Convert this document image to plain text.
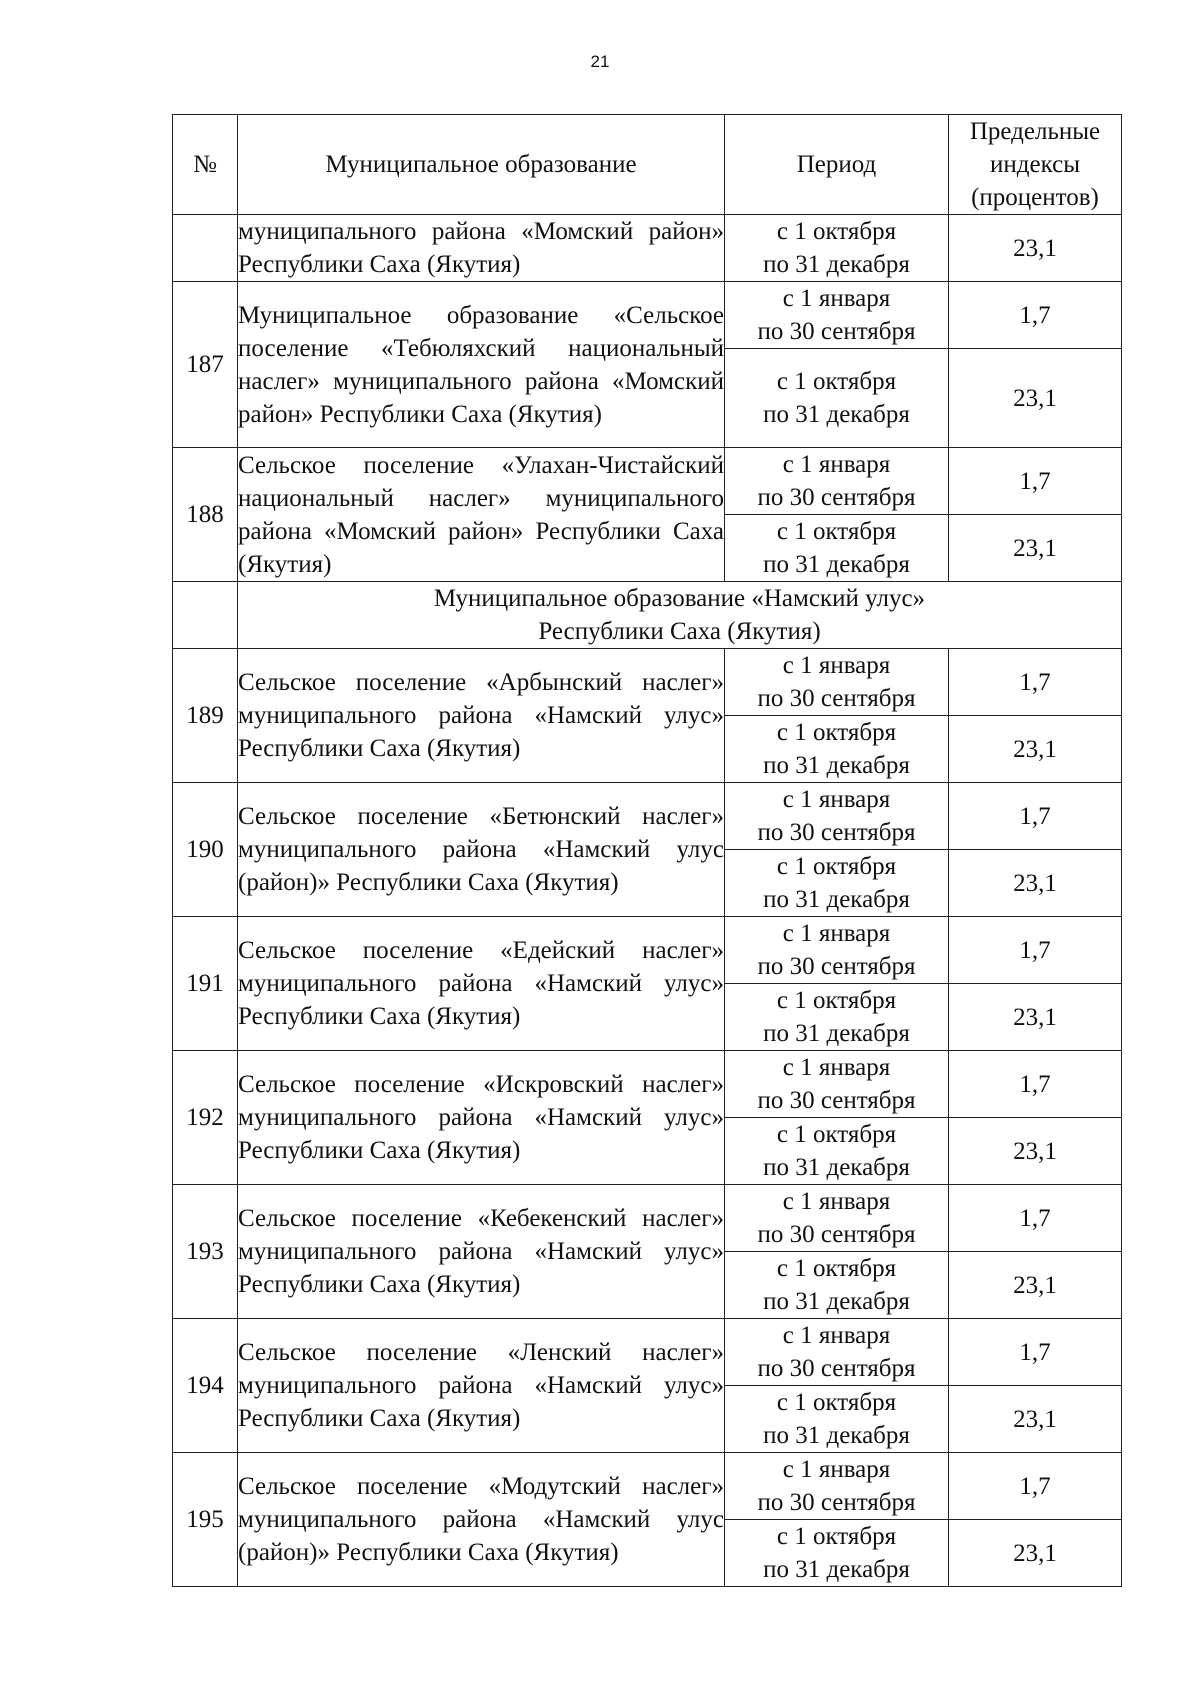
21
№	Муниципальное образование	Период	Предельные индексы (процентов)

	муниципального района «Момский район» Республики Саха (Якутия)	с 1 октября
по 31 декабря	23,1
187	Муниципальное образование «Сельское поселение «Тебюляхский национальный наслег» муниципального района «Момский район» Республики Саха (Якутия)	с 1 января
по 30 сентября	1,7

		с 1 октября
по 31 декабря	23,1
188	Сельское поселение «Улахан-Чистайский национальный наслег» муниципального района «Момский район» Республики Саха (Якутия)	с 1 января
по 30 сентября	1,7

		с 1 октября
по 31 декабря	23,1

	Муниципальное образование «Намский улус»
Республики Саха (Якутия)		

189	Сельское поселение «Арбынский наслег» муниципального района «Намский улус» Республики Саха (Якутия)	с 1 января
по 30 сентября	1,7

		с 1 октября
по 31 декабря	23,1
190	Сельское поселение «Бетюнский наслег» муниципального района «Намский улус (район)» Республики Саха (Якутия)	с 1 января
по 30 сентября	1,7

		с 1 октября
по 31 декабря	23,1
191	Сельское поселение «Едейский наслег» муниципального района «Намский улус» Республики Саха (Якутия)	с 1 января
по 30 сентября	1,7

		с 1 октября
по 31 декабря	23,1
192	Сельское поселение «Искровский наслег» муниципального района «Намский улус» Республики Саха (Якутия)	с 1 января
по 30 сентября	1,7

		с 1 октября
по 31 декабря	23,1
193	Сельское поселение «Кебекенский наслег» муниципального района «Намский улус» Республики Саха (Якутия)	с 1 января
по 30 сентября	1,7

		с 1 октября
по 31 декабря	23,1
194	Сельское поселение «Ленский наслег» муниципального района «Намский улус» Республики Саха (Якутия)	с 1 января
по 30 сентября	1,7

		с 1 октября
по 31 декабря	23,1
195	Сельское поселение «Модутский наслег» муниципального района «Намский улус (район)» Республики Саха (Якутия)	с 1 января
по 30 сентября	1,7

		с 1 октября
по 31 декабря	23,1
